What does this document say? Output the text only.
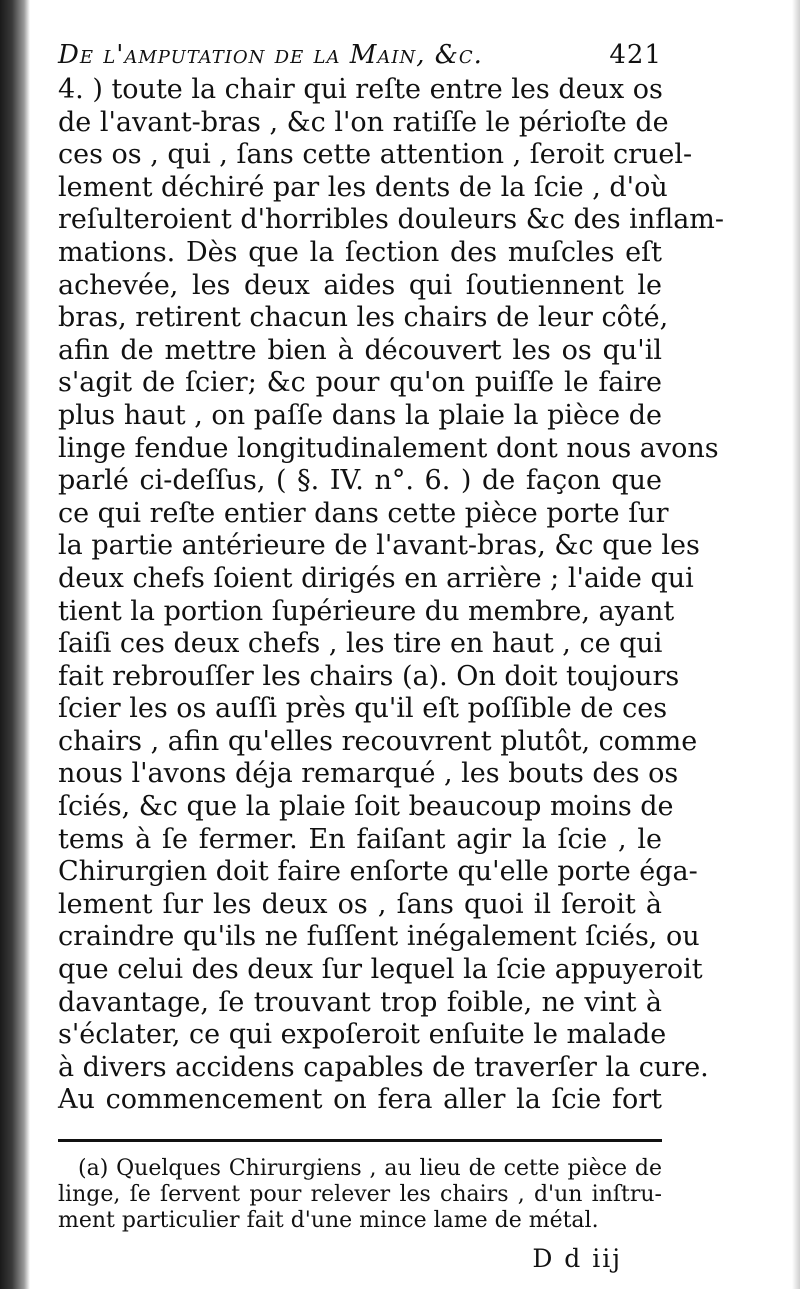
De l'amputation de la Main, &c.	421
4. ) toute la chair qui reſte entre les deux os
de l'avant-bras , &c l'on ratiſſe le périoſte de
ces os , qui , ſans cette attention , ſeroit cruel-
lement déchiré par les dents de la ſcie , d'où
reſulteroient d'horribles douleurs &c des inflam-
mations. Dès que la ſection des muſcles eſt
achevée, les deux aides qui ſoutiennent le
bras, retirent chacun les chairs de leur côté,
afin de mettre bien à découvert les os qu'il
s'agit de ſcier; &c pour qu'on puiſſe le faire
plus haut , on paſſe dans la plaie la pièce de
linge fendue longitudinalement dont nous avons
parlé ci-deſſus, ( §. IV. n°. 6. ) de façon que
ce qui reſte entier dans cette pièce porte ſur
la partie antérieure de l'avant-bras, &c que les
deux chefs ſoient dirigés en arrière ; l'aide qui
tient la portion ſupérieure du membre, ayant
ſaiſi ces deux chefs , les tire en haut , ce qui
fait rebrouſſer les chairs (a). On doit toujours
ſcier les os auſſi près qu'il eſt poſſible de ces
chairs , afin qu'elles recouvrent plutôt, comme
nous l'avons déja remarqué , les bouts des os
ſciés, &c que la plaie ſoit beaucoup moins de
tems à ſe fermer. En faiſant agir la ſcie , le
Chirurgien doit faire enſorte qu'elle porte éga-
lement ſur les deux os , ſans quoi il ſeroit à
craindre qu'ils ne fuſſent inégalement ſciés, ou
que celui des deux ſur lequel la ſcie appuyeroit
davantage, ſe trouvant trop foible, ne vint à
s'éclater, ce qui expoſeroit enſuite le malade
à divers accidens capables de traverſer la cure.
Au commencement on fera aller la ſcie fort
(a) Quelques Chirurgiens , au lieu de cette pièce de
linge, ſe ſervent pour relever les chairs , d'un inſtru-
ment particulier fait d'une mince lame de métal.
D d iij
